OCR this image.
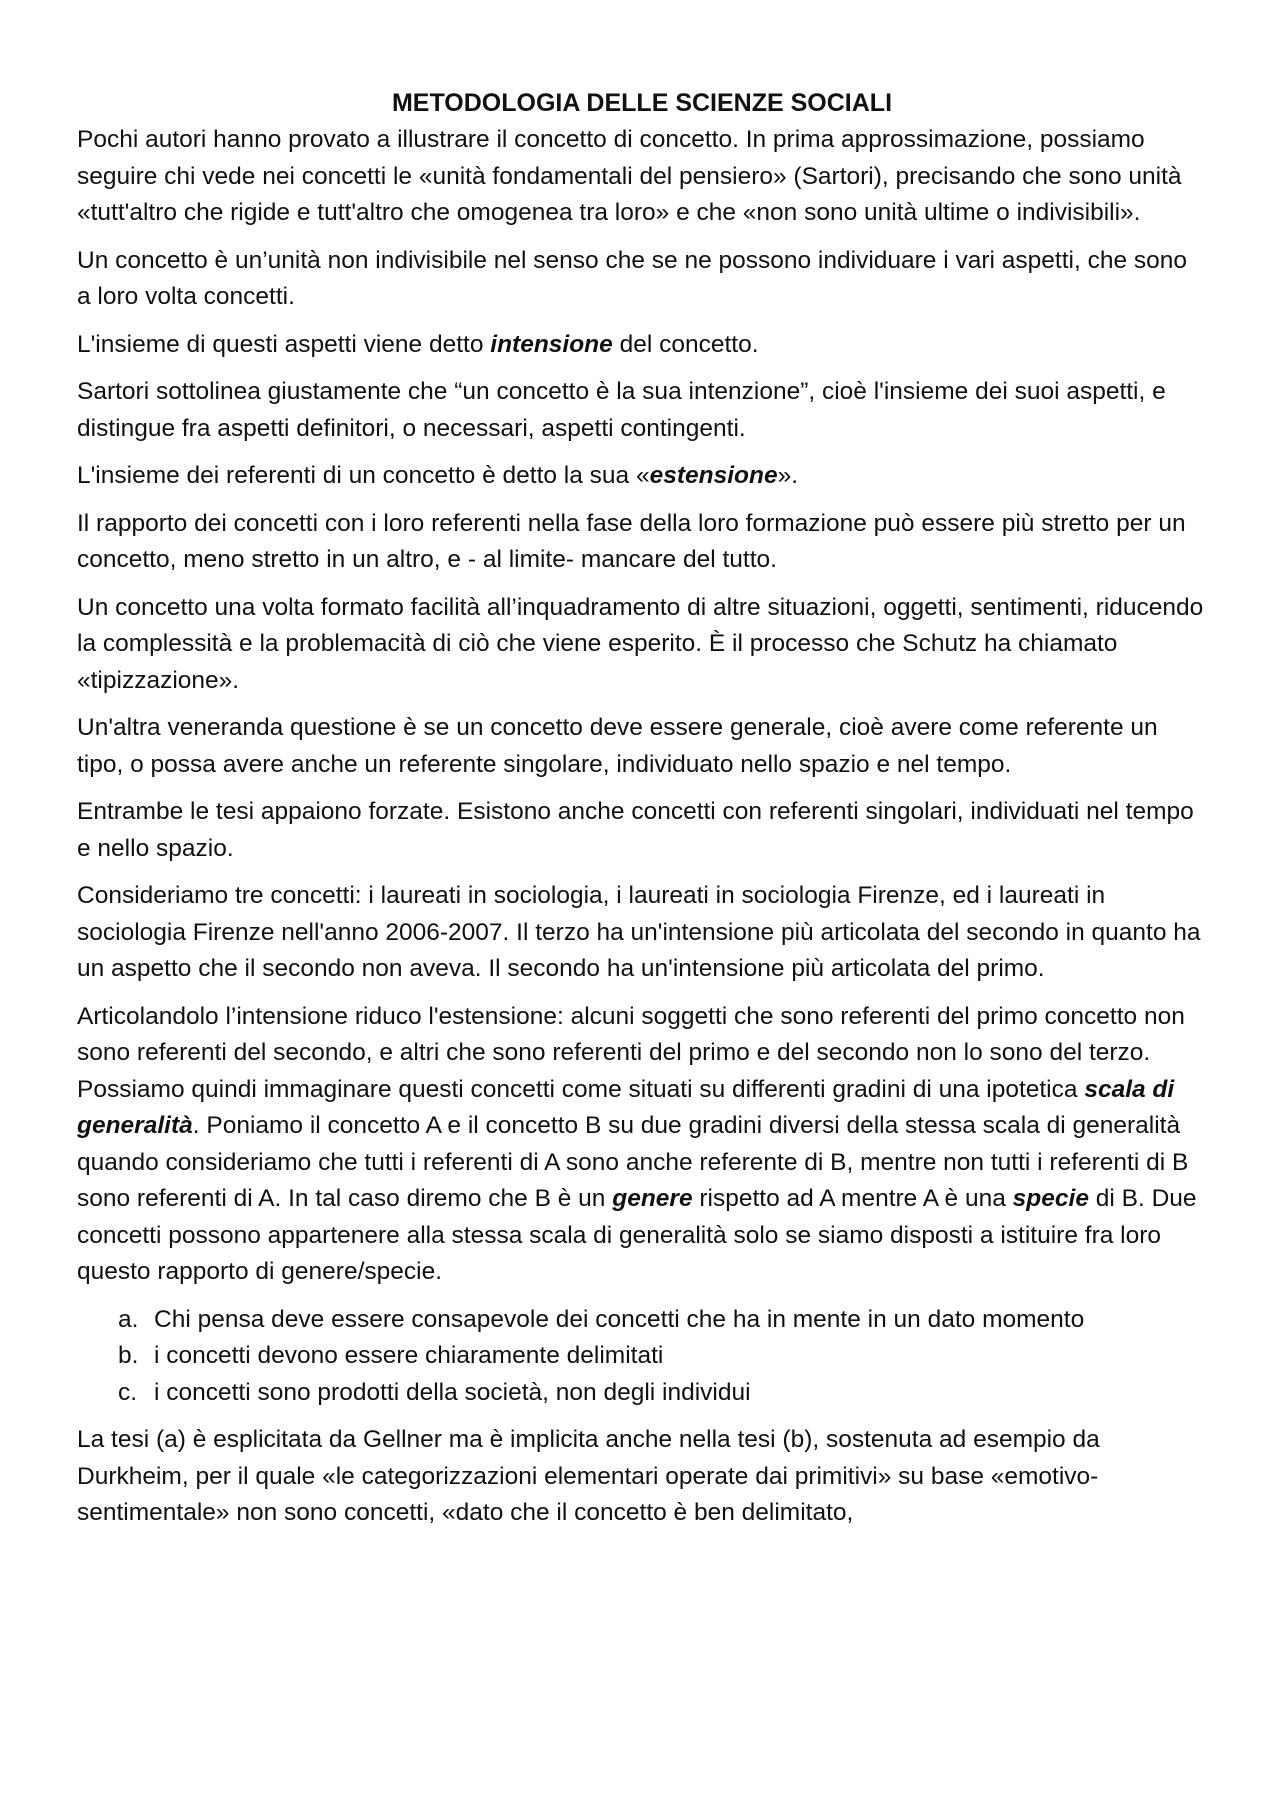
METODOLOGIA DELLE SCIENZE SOCIALI

Pochi autori hanno provato a illustrare il concetto di concetto. In prima approssimazione, possiamo seguire chi vede nei concetti le «unità fondamentali del pensiero» (Sartori), precisando che sono unità «tutt'altro che rigide e tutt'altro che omogenea tra loro» e che «non sono unità ultime o indivisibili».

Un concetto è un’unità non indivisibile nel senso che se ne possono individuare i vari aspetti, che sono a loro volta concetti.

L'insieme di questi aspetti viene detto intensione del concetto.

Sartori sottolinea giustamente che “un concetto è la sua intenzione”, cioè l'insieme dei suoi aspetti, e distingue fra aspetti definitori, o necessari, aspetti contingenti.

L'insieme dei referenti di un concetto è detto la sua «estensione».

Il rapporto dei concetti con i loro referenti nella fase della loro formazione può essere più stretto per un concetto, meno stretto in un altro, e - al limite- mancare del tutto.

Un concetto una volta formato facilità all’inquadramento di altre situazioni, oggetti, sentimenti, riducendo la complessità e la problemacità di ciò che viene esperito. È il processo che Schutz ha chiamato «tipizzazione».

Un'altra veneranda questione è se un concetto deve essere generale, cioè avere come referente un tipo, o possa avere anche un referente singolare, individuato nello spazio e nel tempo.

Entrambe le tesi appaiono forzate. Esistono anche concetti con referenti singolari, individuati nel tempo e nello spazio.

Consideriamo tre concetti: i laureati in sociologia, i laureati in sociologia Firenze, ed i laureati in sociologia Firenze nell'anno 2006-2007. Il terzo ha un'intensione più articolata del secondo in quanto ha un aspetto che il secondo non aveva. Il secondo ha un'intensione più articolata del primo.

Articolandolo l’intensione riduco l'estensione: alcuni soggetti che sono referenti del primo concetto non sono referenti del secondo, e altri che sono referenti del primo e del secondo non lo sono del terzo. Possiamo quindi immaginare questi concetti come situati su differenti gradini di una ipotetica scala di generalità. Poniamo il concetto A e il concetto B su due gradini diversi della stessa scala di generalità quando consideriamo che tutti i referenti di A sono anche referente di B, mentre non tutti i referenti di B sono referenti di A. In tal caso diremo che B è un genere rispetto ad A mentre A è una specie di B. Due concetti possono appartenere alla stessa scala di generalità solo se siamo disposti a istituire fra loro questo rapporto di genere/specie.

a. Chi pensa deve essere consapevole dei concetti che ha in mente in un dato momento
b. i concetti devono essere chiaramente delimitati
c. i concetti sono prodotti della società, non degli individui

La tesi (a) è esplicitata da Gellner ma è implicita anche nella tesi (b), sostenuta ad esempio da Durkheim, per il quale «le categorizzazioni elementari operate dai primitivi» su base «emotivo-sentimentale» non sono concetti, «dato che il concetto è ben delimitato,
